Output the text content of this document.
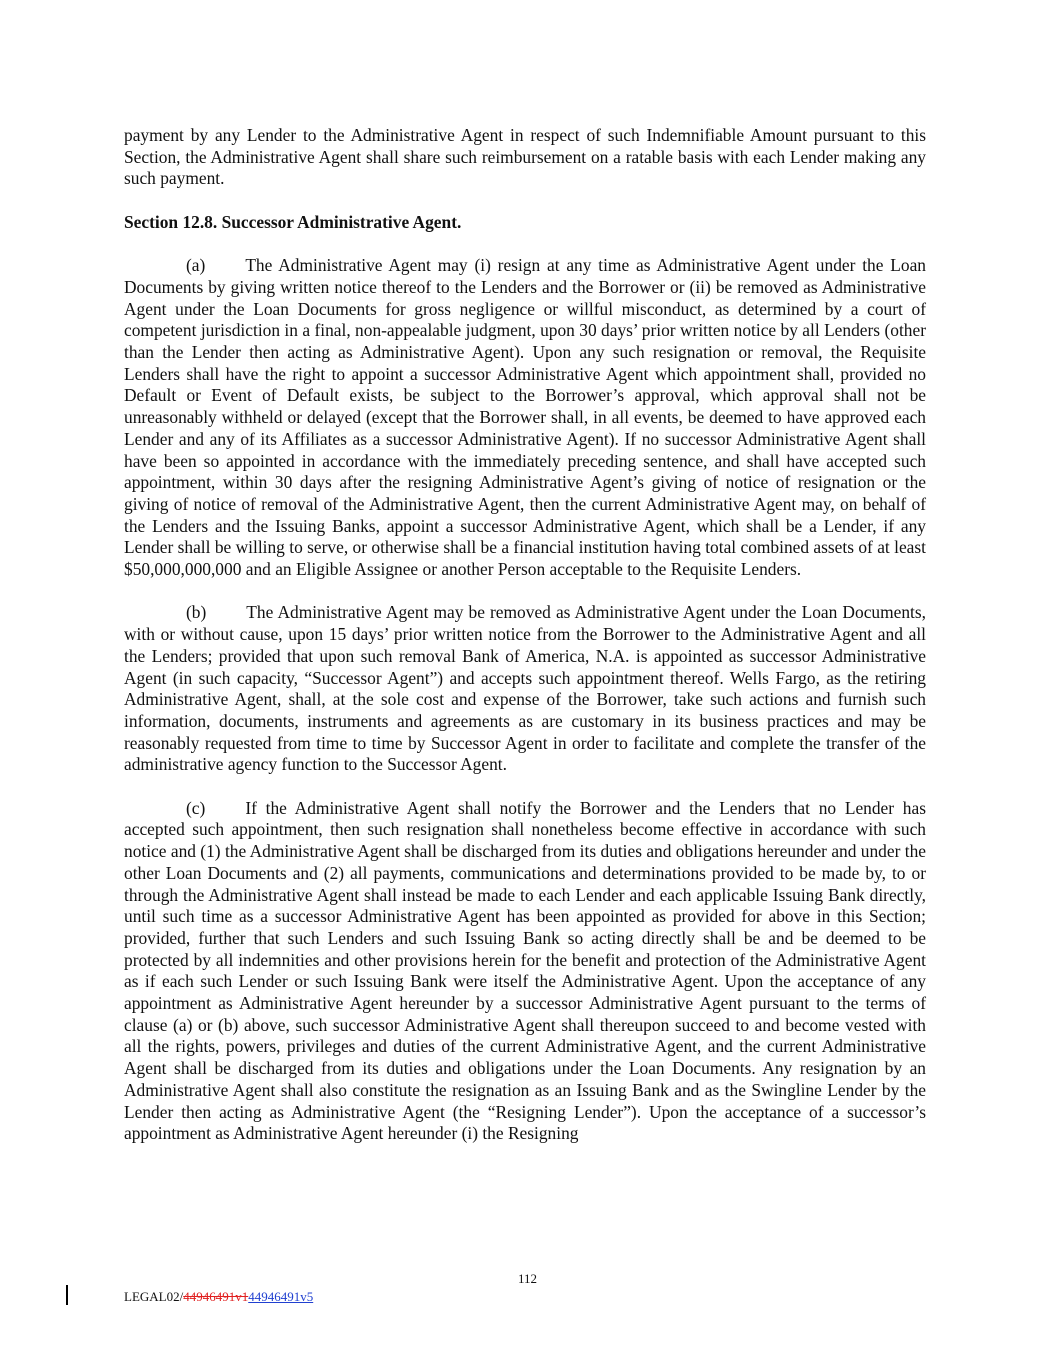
payment by any Lender to the Administrative Agent in respect of such Indemnifiable Amount pursuant to this Section, the Administrative Agent shall share such reimbursement on a ratable basis with each Lender making any such payment.

Section 12.8. Successor Administrative Agent.

(a) The Administrative Agent may (i) resign at any time as Administrative Agent under the Loan Documents by giving written notice thereof to the Lenders and the Borrower or (ii) be removed as Administrative Agent under the Loan Documents for gross negligence or willful misconduct, as determined by a court of competent jurisdiction in a final, non-appealable judgment, upon 30 days’ prior written notice by all Lenders (other than the Lender then acting as Administrative Agent). Upon any such resignation or removal, the Requisite Lenders shall have the right to appoint a successor Administrative Agent which appointment shall, provided no Default or Event of Default exists, be subject to the Borrower’s approval, which approval shall not be unreasonably withheld or delayed (except that the Borrower shall, in all events, be deemed to have approved each Lender and any of its Affiliates as a successor Administrative Agent). If no successor Administrative Agent shall have been so appointed in accordance with the immediately preceding sentence, and shall have accepted such appointment, within 30 days after the resigning Administrative Agent’s giving of notice of resignation or the giving of notice of removal of the Administrative Agent, then the current Administrative Agent may, on behalf of the Lenders and the Issuing Banks, appoint a successor Administrative Agent, which shall be a Lender, if any Lender shall be willing to serve, or otherwise shall be a financial institution having total combined assets of at least $50,000,000,000 and an Eligible Assignee or another Person acceptable to the Requisite Lenders.

(b) The Administrative Agent may be removed as Administrative Agent under the Loan Documents, with or without cause, upon 15 days’ prior written notice from the Borrower to the Administrative Agent and all the Lenders; provided that upon such removal Bank of America, N.A. is appointed as successor Administrative Agent (in such capacity, “Successor Agent”) and accepts such appointment thereof. Wells Fargo, as the retiring Administrative Agent, shall, at the sole cost and expense of the Borrower, take such actions and furnish such information, documents, instruments and agreements as are customary in its business practices and may be reasonably requested from time to time by Successor Agent in order to facilitate and complete the transfer of the administrative agency function to the Successor Agent.

(c) If the Administrative Agent shall notify the Borrower and the Lenders that no Lender has accepted such appointment, then such resignation shall nonetheless become effective in accordance with such notice and (1) the Administrative Agent shall be discharged from its duties and obligations hereunder and under the other Loan Documents and (2) all payments, communications and determinations provided to be made by, to or through the Administrative Agent shall instead be made to each Lender and each applicable Issuing Bank directly, until such time as a successor Administrative Agent has been appointed as provided for above in this Section; provided, further that such Lenders and such Issuing Bank so acting directly shall be and be deemed to be protected by all indemnities and other provisions herein for the benefit and protection of the Administrative Agent as if each such Lender or such Issuing Bank were itself the Administrative Agent. Upon the acceptance of any appointment as Administrative Agent hereunder by a successor Administrative Agent pursuant to the terms of clause (a) or (b) above, such successor Administrative Agent shall thereupon succeed to and become vested with all the rights, powers, privileges and duties of the current Administrative Agent, and the current Administrative Agent shall be discharged from its duties and obligations under the Loan Documents. Any resignation by an Administrative Agent shall also constitute the resignation as an Issuing Bank and as the Swingline Lender by the Lender then acting as Administrative Agent (the “Resigning Lender”). Upon the acceptance of a successor’s appointment as Administrative Agent hereunder (i) the Resigning

112
LEGAL02/44946491v144946491v5
